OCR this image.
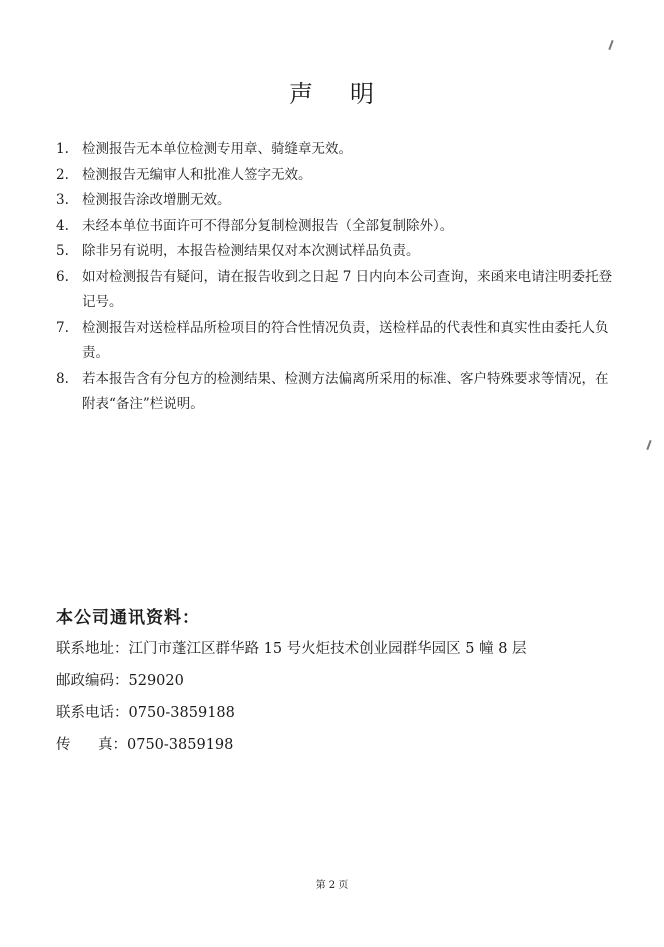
声 明
1. 检测报告无本单位检测专用章、骑缝章无效。
2. 检测报告无编审人和批准人签字无效。
3. 检测报告涂改增删无效。
4. 未经本单位书面许可不得部分复制检测报告（全部复制除外）。
5. 除非另有说明，本报告检测结果仅对本次测试样品负责。
6. 如对检测报告有疑问，请在报告收到之日起 7 日内向本公司查询，来函来电请注明委托登记号。
7. 检测报告对送检样品所检项目的符合性情况负责，送检样品的代表性和真实性由委托人负责。
8. 若本报告含有分包方的检测结果、检测方法偏离所采用的标准、客户特殊要求等情况，在附表“备注”栏说明。
本公司通讯资料：
联系地址：江门市蓬江区群华路 15 号火炬技术创业园群华园区 5 幢 8 层
邮政编码：529020
联系电话：0750-3859188
传 真：0750-3859198
第 2 页
